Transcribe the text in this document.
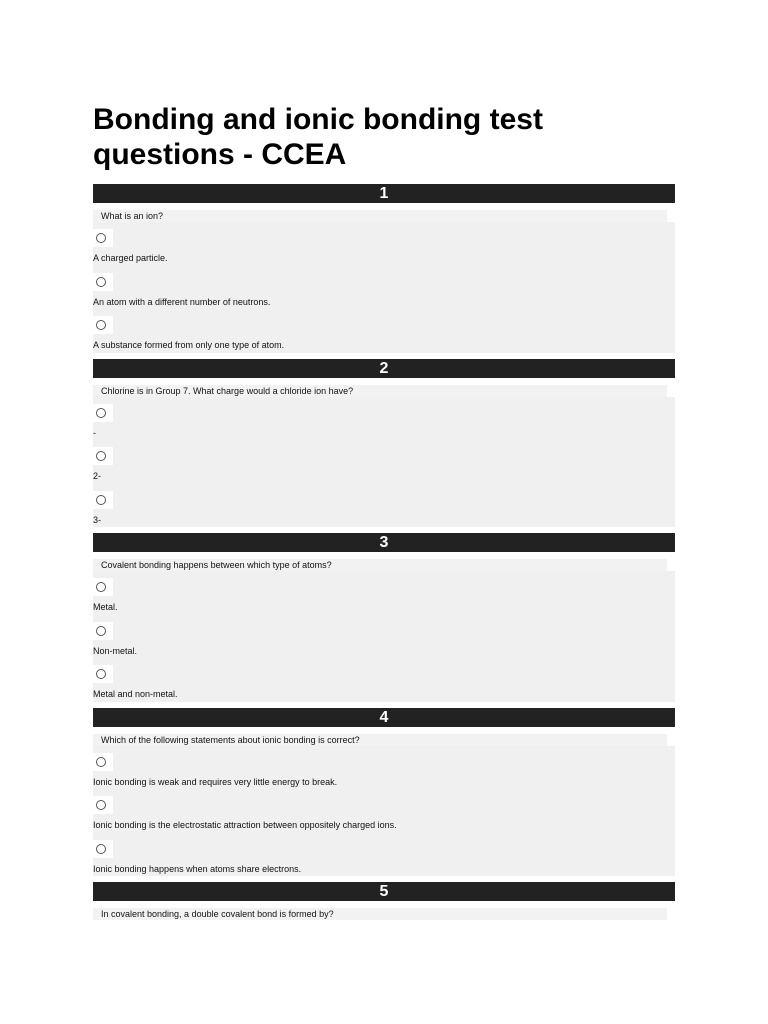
Bonding and ionic bonding test questions - CCEA
1
What is an ion?
A charged particle.
An atom with a different number of neutrons.
A substance formed from only one type of atom.
2
Chlorine is in Group 7. What charge would a chloride ion have?
-
2-
3-
3
Covalent bonding happens between which type of atoms?
Metal.
Non-metal.
Metal and non-metal.
4
Which of the following statements about ionic bonding is correct?
Ionic bonding is weak and requires very little energy to break.
Ionic bonding is the electrostatic attraction between oppositely charged ions.
Ionic bonding happens when atoms share electrons.
5
In covalent bonding, a double covalent bond is formed by?
